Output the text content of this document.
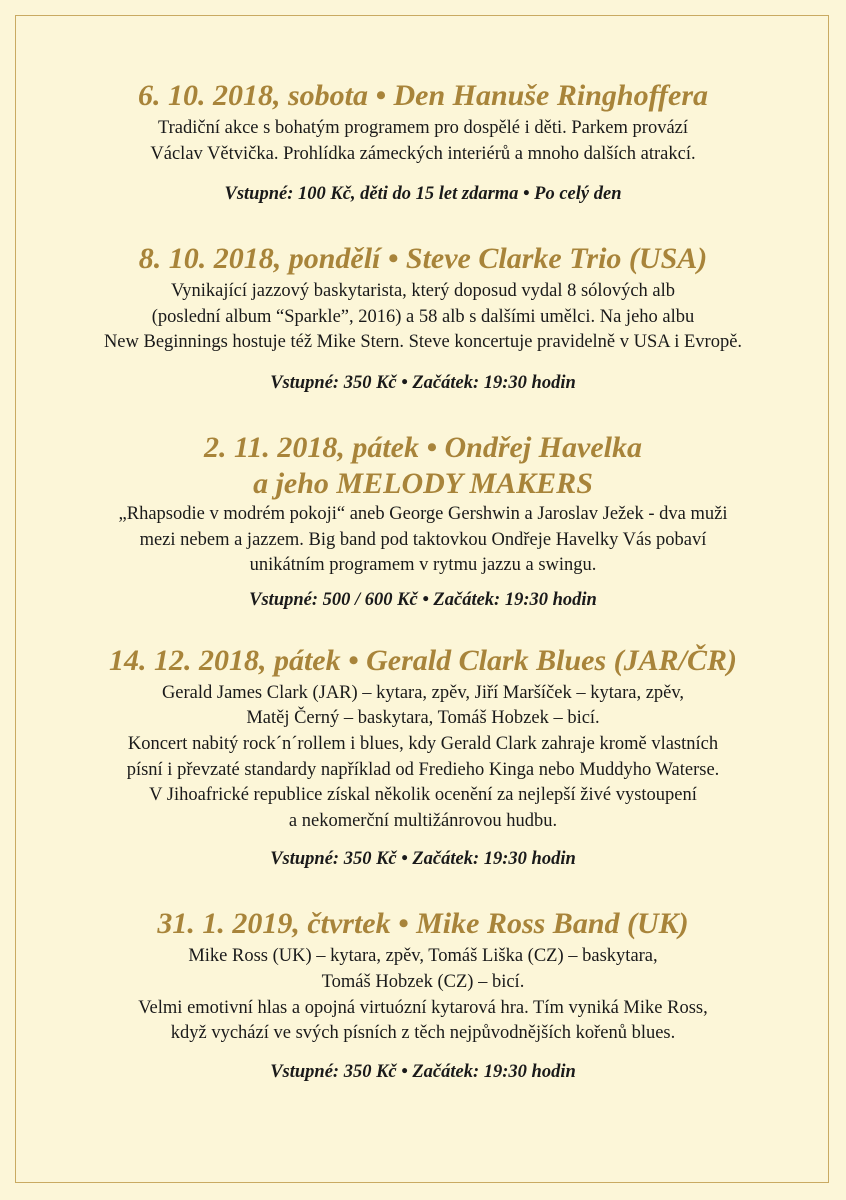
6. 10. 2018, sobota • Den Hanuše Ringhoffera

Tradiční akce s bohatým programem pro dospělé i děti. Parkem provází
Václav Větvička. Prohlídka zámeckých interiérů a mnoho dalších atrakcí.

Vstupné: 100 Kč, děti do 15 let zdarma • Po celý den

8. 10. 2018, pondělí • Steve Clarke Trio (USA)

Vynikající jazzový baskytarista, který doposud vydal 8 sólových alb
(poslední album “Sparkle”, 2016) a 58 alb s dalšími umělci. Na jeho albu
New Beginnings hostuje též Mike Stern. Steve koncertuje pravidelně v USA i Evropě.

Vstupné: 350 Kč • Začátek: 19:30 hodin

2. 11. 2018, pátek • Ondřej Havelka
a jeho MELODY MAKERS

„Rhapsodie v modrém pokoji“ aneb George Gershwin a Jaroslav Ježek - dva muži
mezi nebem a jazzem. Big band pod taktovkou Ondřeje Havelky Vás pobaví
unikátním programem v rytmu jazzu a swingu.

Vstupné: 500 / 600 Kč • Začátek: 19:30 hodin

14. 12. 2018, pátek • Gerald Clark Blues (JAR/ČR)

Gerald James Clark (JAR) – kytara, zpěv, Jiří Maršíček – kytara, zpěv,
Matěj Černý – baskytara, Tomáš Hobzek – bicí.
Koncert nabitý rock´n´rollem i blues, kdy Gerald Clark zahraje kromě vlastních
písní i převzaté standardy například od Fredieho Kinga nebo Muddyho Waterse.
V Jihoafrické republice získal několik ocenění za nejlepší živé vystoupení
a nekomerční multižánrovou hudbu.

Vstupné: 350 Kč • Začátek: 19:30 hodin

31. 1. 2019, čtvrtek • Mike Ross Band (UK)

Mike Ross (UK) – kytara, zpěv, Tomáš Liška (CZ) – baskytara,
Tomáš Hobzek (CZ) – bicí.
Velmi emotivní hlas a opojná virtuózní kytarová hra. Tím vyniká Mike Ross,
když vychází ve svých písních z těch nejpůvodnějších kořenů blues.

Vstupné: 350 Kč • Začátek: 19:30 hodin
